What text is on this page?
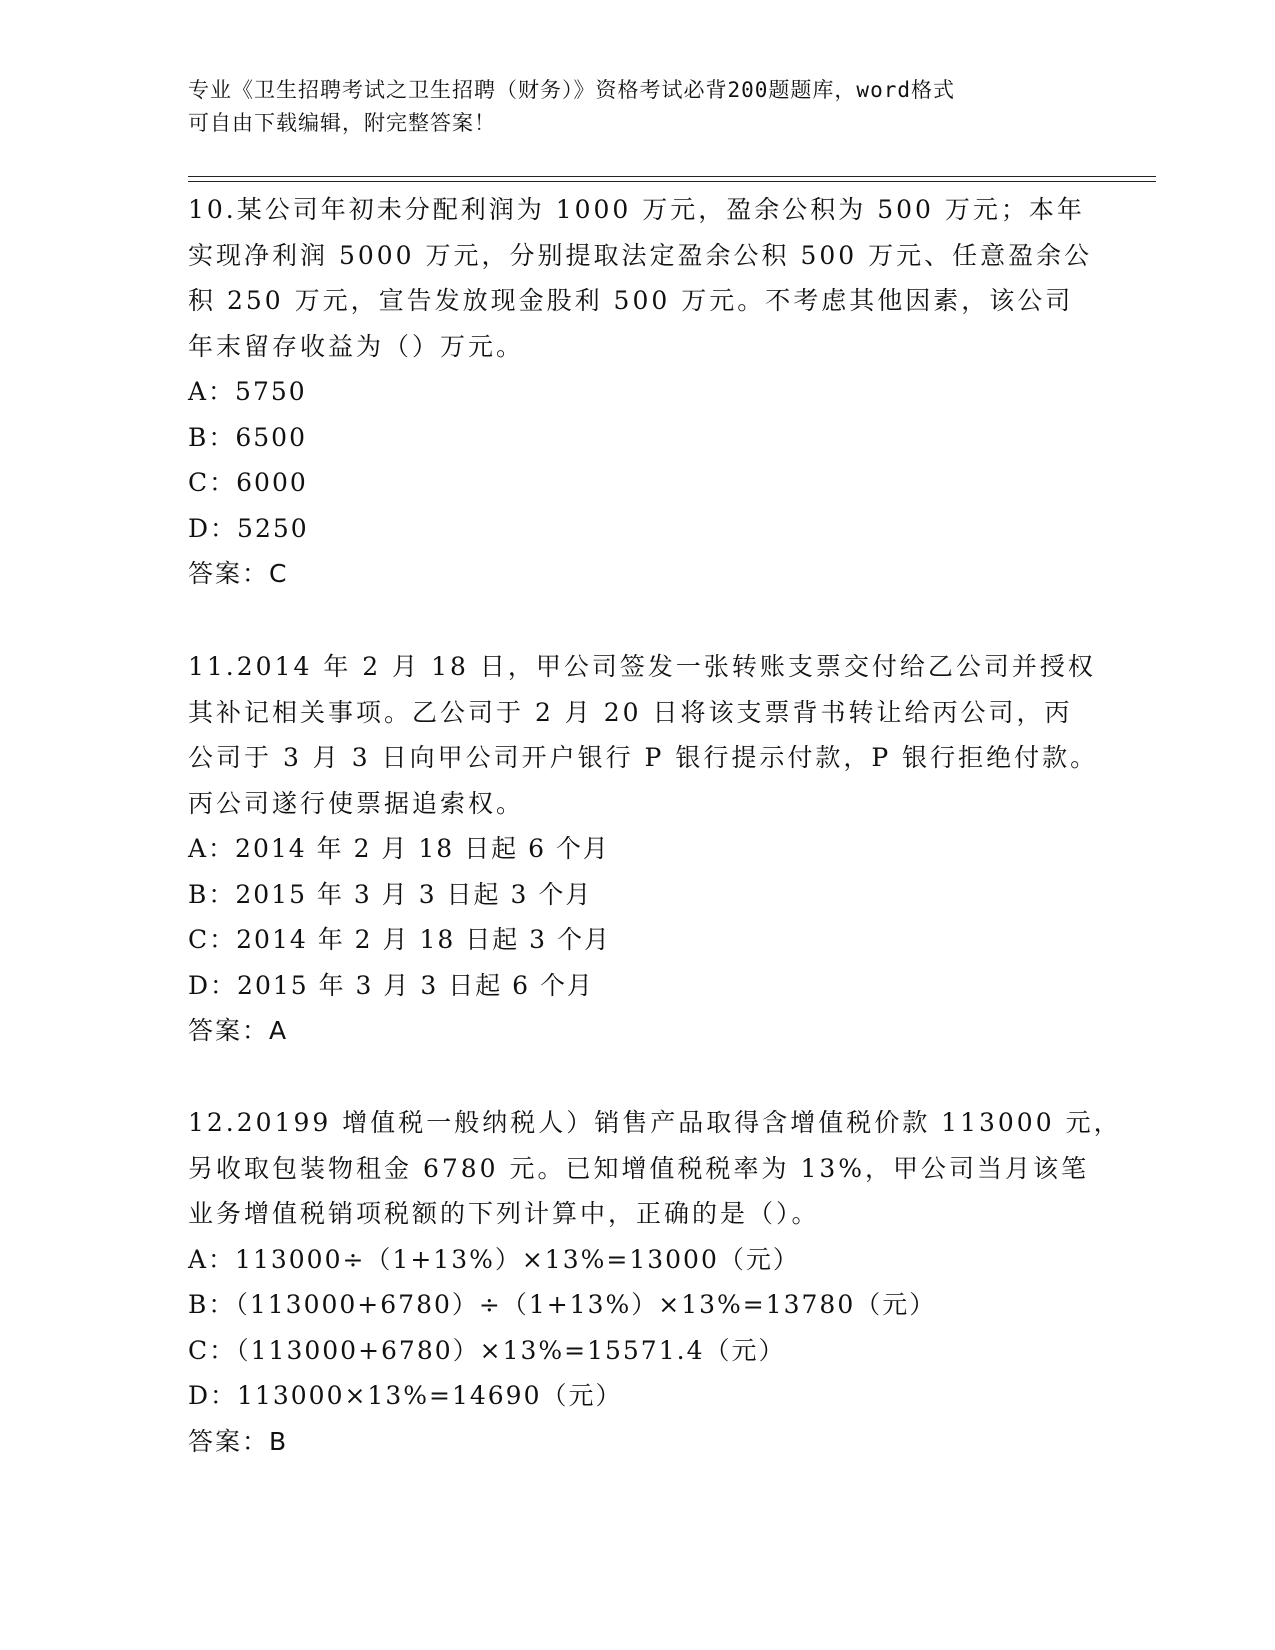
专业《卫生招聘考试之卫生招聘（财务）》资格考试必背200题题库，word格式
可自由下载编辑，附完整答案！
10.某公司年初未分配利润为 1000 万元，盈余公积为 500 万元；本年
实现净利润 5000 万元，分别提取法定盈余公积 500 万元、任意盈余公
积 250 万元，宣告发放现金股利 500 万元。不考虑其他因素，该公司
年末留存收益为（）万元。
A：5750
B：6500
C：6000
D：5250
答案：C
11.2014 年 2 月 18 日，甲公司签发一张转账支票交付给乙公司并授权
其补记相关事项。乙公司于 2 月 20 日将该支票背书转让给丙公司，丙
公司于 3 月 3 日向甲公司开户银行 P 银行提示付款，P 银行拒绝付款。
丙公司遂行使票据追索权。
A：2014 年 2 月 18 日起 6 个月
B：2015 年 3 月 3 日起 3 个月
C：2014 年 2 月 18 日起 3 个月
D：2015 年 3 月 3 日起 6 个月
答案：A
12.20199 增值税一般纳税人）销售产品取得含增值税价款 113000 元，
另收取包装物租金 6780 元。已知增值税税率为 13%，甲公司当月该笔
业务增值税销项税额的下列计算中，正确的是（）。
A：113000÷（1+13%）×13%=13000（元）
B：（113000+6780）÷（1+13%）×13%=13780（元）
C：（113000+6780）×13%=15571.4（元）
D：113000×13%=14690（元）
答案：B
